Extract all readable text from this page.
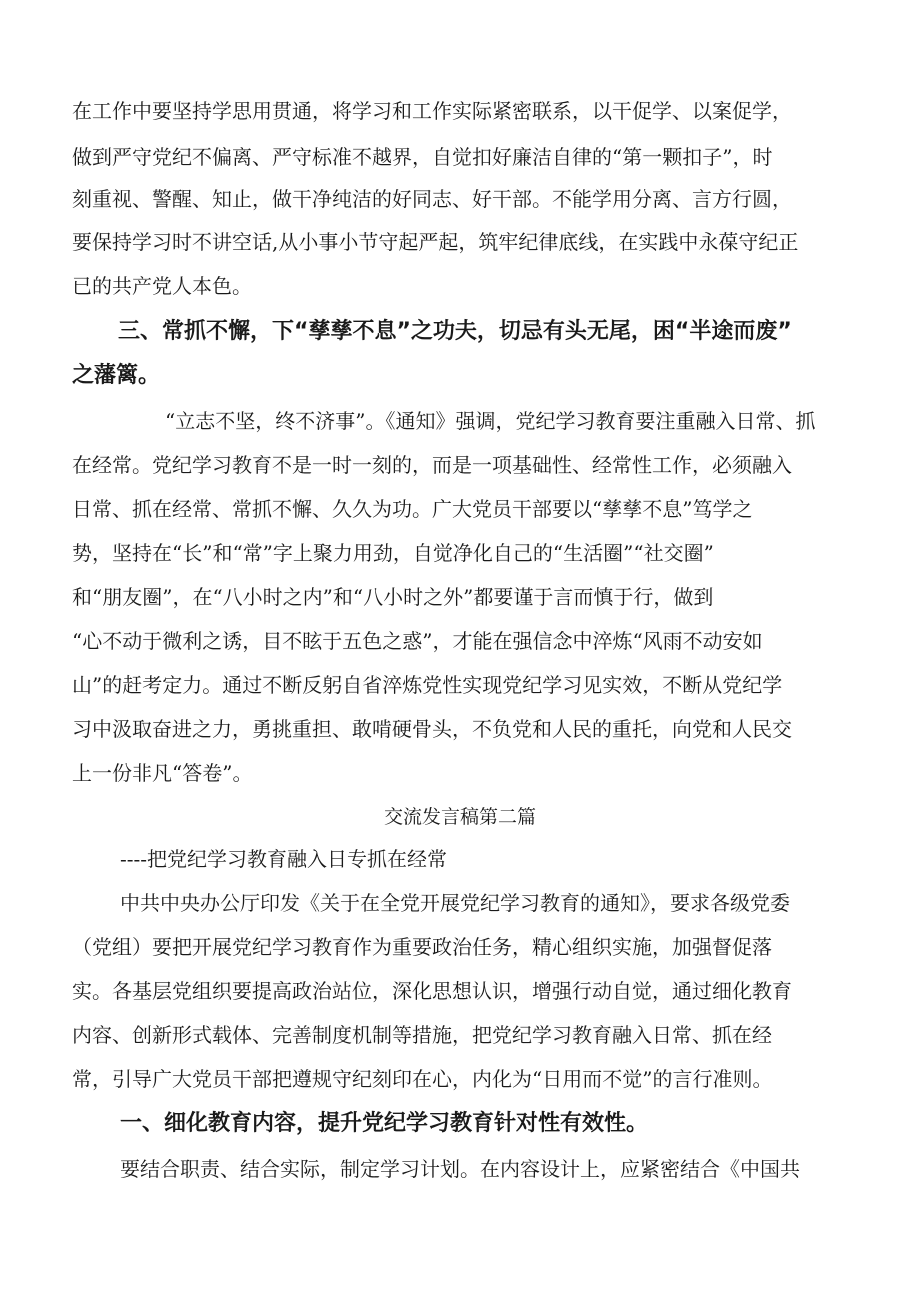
在工作中要坚持学思用贯通，将学习和工作实际紧密联系，以干促学、以案促学，
做到严守党纪不偏离、严守标准不越界，自觉扣好廉洁自律的“第一颗扣子”，时
刻重视、警醒、知止，做干净纯洁的好同志、好干部。不能学用分离、言方行圆，
要保持学习时不讲空话,从小事小节守起严起，筑牢纪律底线，在实践中永葆守纪正
已的共产党人本色。
三、常抓不懈，下“孳孳不息”之功夫，切忌有头无尾，困“半途而废”
之藩篱。
“立志不坚，终不济事”。《通知》强调，党纪学习教育要注重融入日常、抓
在经常。党纪学习教育不是一时一刻的，而是一项基础性、经常性工作，必须融入
日常、抓在经常、常抓不懈、久久为功。广大党员干部要以“孳孳不息”笃学之
势，坚持在“长”和“常”字上聚力用劲，自觉净化自己的“生活圈”“社交圈”
和“朋友圈”，在“八小时之内”和“八小时之外”都要谨于言而慎于行，做到
“心不动于微利之诱，目不眩于五色之惑”，才能在强信念中淬炼“风雨不动安如
山”的赶考定力。通过不断反躬自省淬炼党性实现党纪学习见实效，不断从党纪学
习中汲取奋进之力，勇挑重担、敢啃硬骨头，不负党和人民的重托，向党和人民交
上一份非凡“答卷”。
交流发言稿第二篇
----把党纪学习教育融入日专抓在经常
中共中央办公厅印发《关于在全党开展党纪学习教育的通知》，要求各级党委
（党组）要把开展党纪学习教育作为重要政治任务，精心组织实施，加强督促落
实。各基层党组织要提高政治站位，深化思想认识，增强行动自觉，通过细化教育
内容、创新形式载体、完善制度机制等措施，把党纪学习教育融入日常、抓在经
常，引导广大党员干部把遵规守纪刻印在心，内化为“日用而不觉”的言行准则。
一、细化教育内容，提升党纪学习教育针对性有效性。
要结合职责、结合实际，制定学习计划。在内容设计上，应紧密结合《中国共
